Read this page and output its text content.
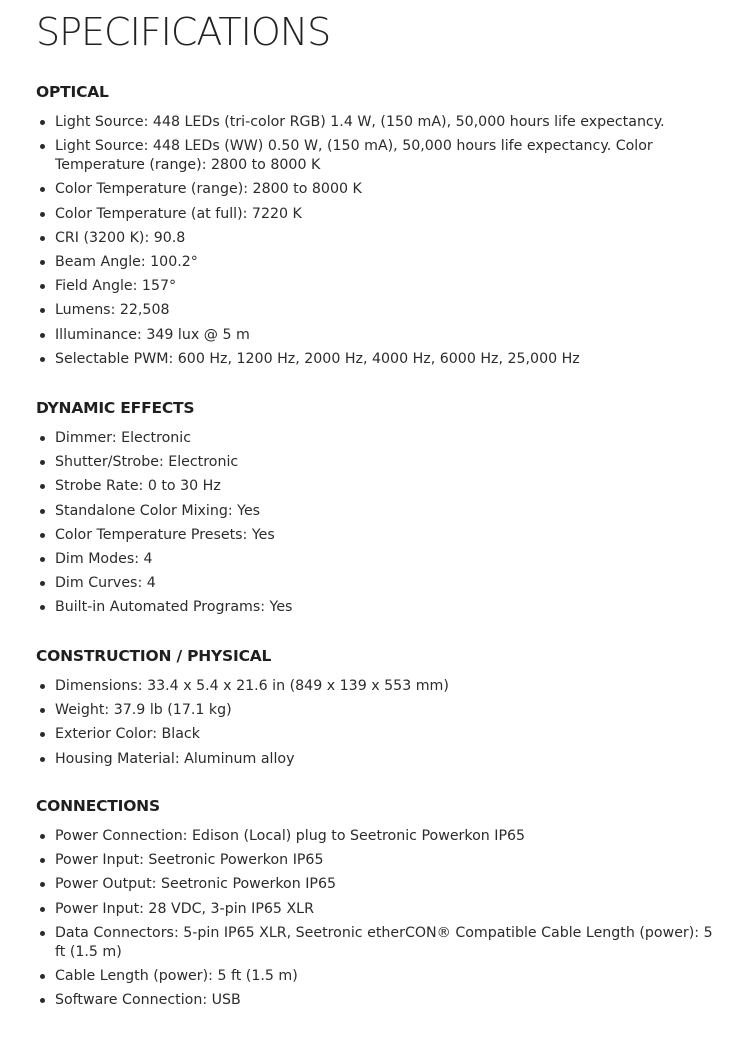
SPECIFICATIONS
OPTICAL
Light Source: 448 LEDs (tri-color RGB) 1.4 W, (150 mA), 50,000 hours life expectancy.
Light Source: 448 LEDs (WW) 0.50 W, (150 mA), 50,000 hours life expectancy. Color Temperature (range): 2800 to 8000 K
Color Temperature (range): 2800 to 8000 K
Color Temperature (at full): 7220 K
CRI (3200 K): 90.8
Beam Angle: 100.2°
Field Angle: 157°
Lumens: 22,508
Illuminance: 349 lux @ 5 m
Selectable PWM: 600 Hz, 1200 Hz, 2000 Hz, 4000 Hz, 6000 Hz, 25,000 Hz
DYNAMIC EFFECTS
Dimmer: Electronic
Shutter/Strobe: Electronic
Strobe Rate: 0 to 30 Hz
Standalone Color Mixing: Yes
Color Temperature Presets: Yes
Dim Modes: 4
Dim Curves: 4
Built-in Automated Programs: Yes
CONSTRUCTION / PHYSICAL
Dimensions: 33.4 x 5.4 x 21.6 in (849 x 139 x 553 mm)
Weight: 37.9 lb (17.1 kg)
Exterior Color: Black
Housing Material: Aluminum alloy
CONNECTIONS
Power Connection: Edison (Local) plug to Seetronic Powerkon IP65
Power Input: Seetronic Powerkon IP65
Power Output: Seetronic Powerkon IP65
Power Input: 28 VDC, 3-pin IP65 XLR
Data Connectors: 5-pin IP65 XLR, Seetronic etherCON® Compatible Cable Length (power): 5 ft (1.5 m)
Cable Length (power): 5 ft (1.5 m)
Software Connection: USB
